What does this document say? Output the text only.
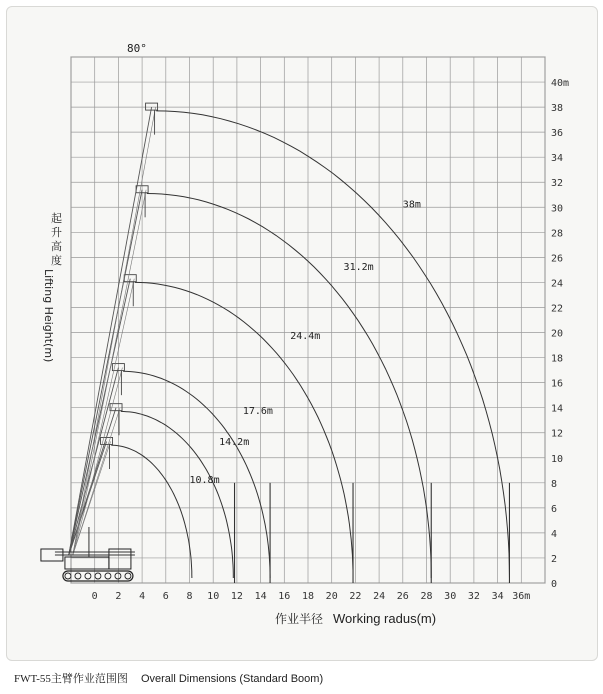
0 2 4 6 8 10 12 14 16 18 20 22 24 26 28 30 32 34 36m
0
2
4
6
8
10
12
14
16
18
20
22
24
26
28
30
32
34
36
38
40m
10.8m
14.2m
17.6m
24.4m
31.2m
38m
80°
起升高度
Lifting Height(m)
作业半径 Working radus(m)
FWT-55主臂作业范围图 Overall Dimensions (Standard Boom)
